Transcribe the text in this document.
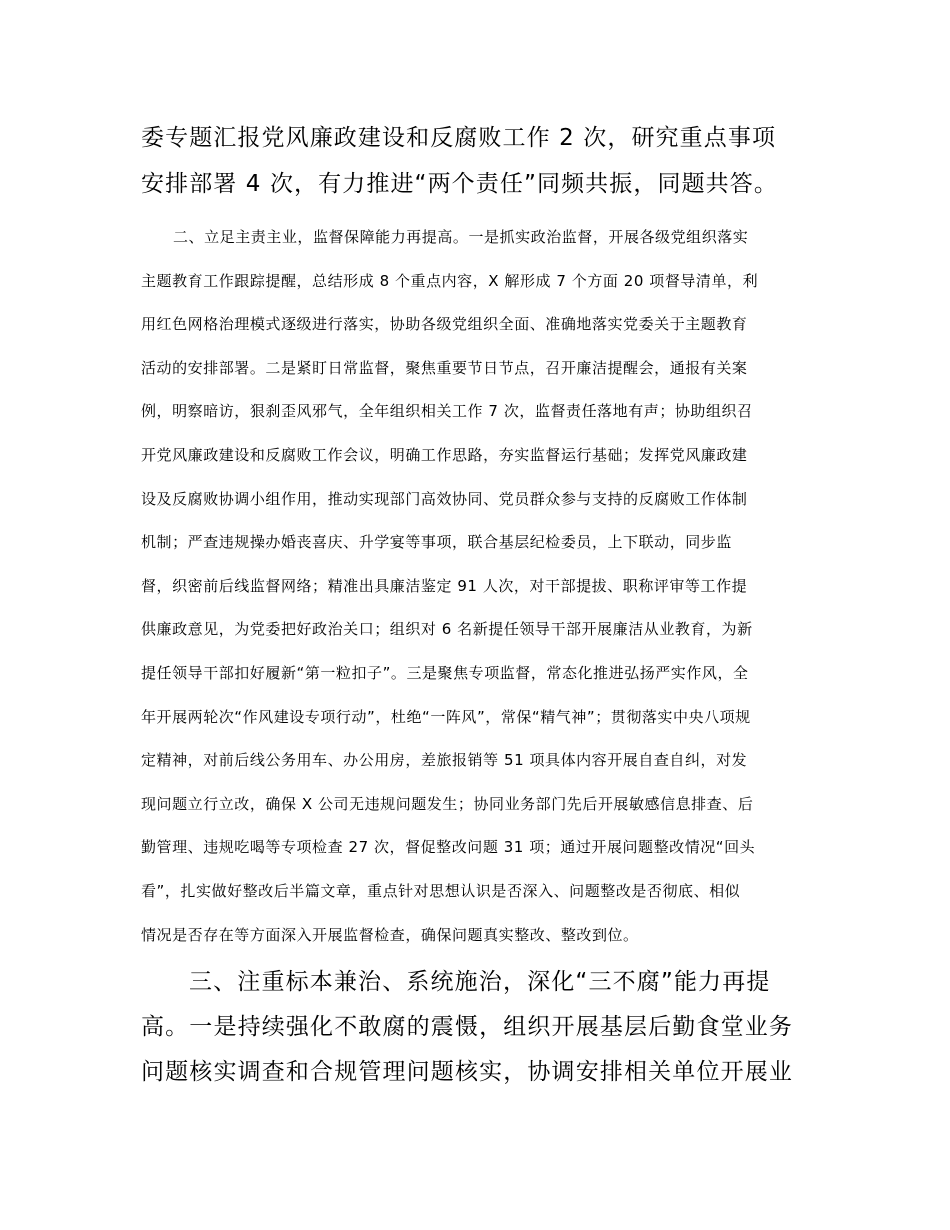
委专题汇报党风廉政建设和反腐败工作 2 次，研究重点事项
安排部署 4 次，有力推进“两个责任”同频共振，同题共答。
二、立足主责主业，监督保障能力再提高。一是抓实政治监督，开展各级党组织落实
主题教育工作跟踪提醒，总结形成 8 个重点内容，X 解形成 7 个方面 20 项督导清单，利
用红色网格治理模式逐级进行落实，协助各级党组织全面、准确地落实党委关于主题教育
活动的安排部署。二是紧盯日常监督，聚焦重要节日节点，召开廉洁提醒会，通报有关案
例，明察暗访，狠刹歪风邪气，全年组织相关工作 7 次，监督责任落地有声；协助组织召
开党风廉政建设和反腐败工作会议，明确工作思路，夯实监督运行基础；发挥党风廉政建
设及反腐败协调小组作用，推动实现部门高效协同、党员群众参与支持的反腐败工作体制
机制；严查违规操办婚丧喜庆、升学宴等事项，联合基层纪检委员，上下联动，同步监
督，织密前后线监督网络；精准出具廉洁鉴定 91 人次，对干部提拔、职称评审等工作提
供廉政意见，为党委把好政治关口；组织对 6 名新提任领导干部开展廉洁从业教育，为新
提任领导干部扣好履新“第一粒扣子”。三是聚焦专项监督，常态化推进弘扬严实作风，全
年开展两轮次“作风建设专项行动”，杜绝“一阵风”，常保“精气神”；贯彻落实中央八项规
定精神，对前后线公务用车、办公用房，差旅报销等 51 项具体内容开展自查自纠，对发
现问题立行立改，确保 X 公司无违规问题发生；协同业务部门先后开展敏感信息排查、后
勤管理、违规吃喝等专项检查 27 次，督促整改问题 31 项；通过开展问题整改情况“回头
看”，扎实做好整改后半篇文章，重点针对思想认识是否深入、问题整改是否彻底、相似
情况是否存在等方面深入开展监督检查，确保问题真实整改、整改到位。
三、注重标本兼治、系统施治，深化“三不腐”能力再提
高。一是持续强化不敢腐的震慑，组织开展基层后勤食堂业务
问题核实调查和合规管理问题核实，协调安排相关单位开展业
